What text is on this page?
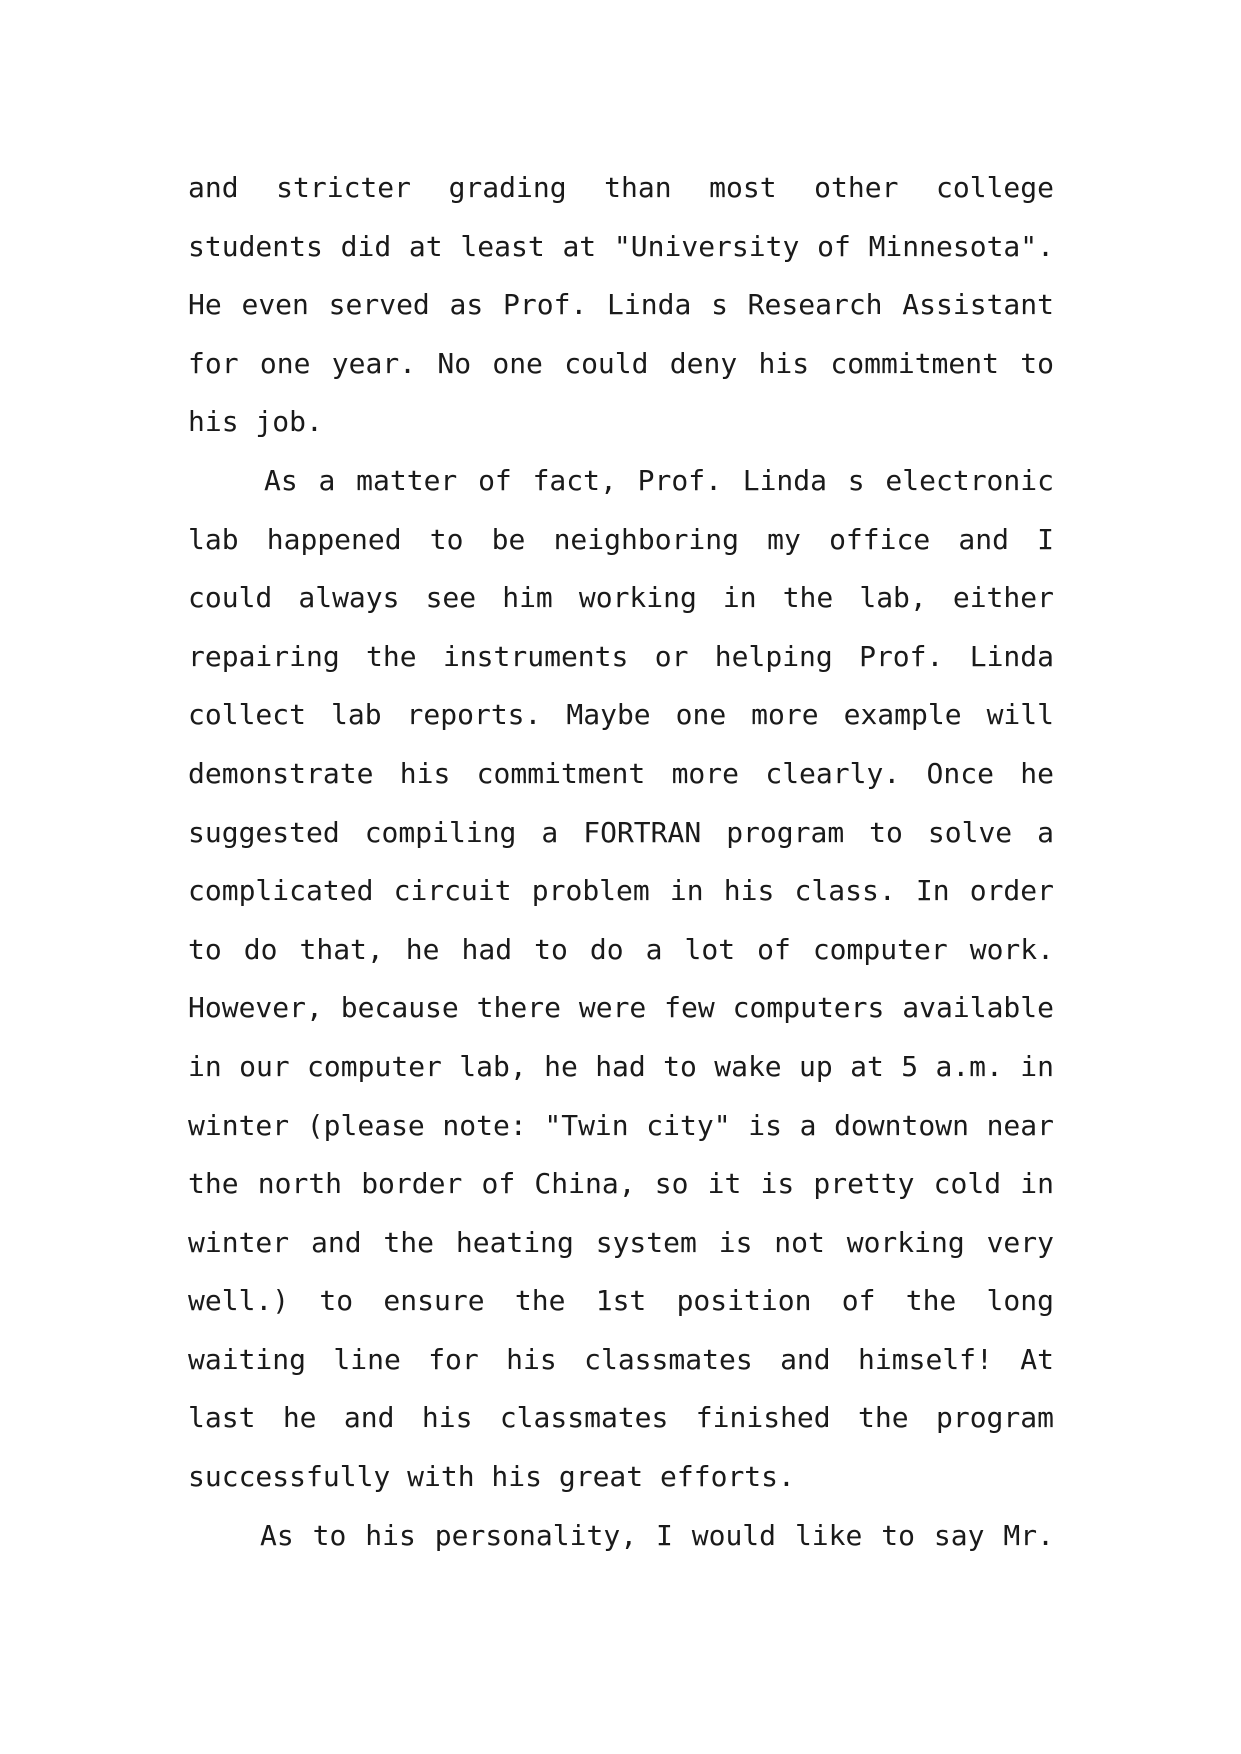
and stricter grading than most other college
students did at least at "University of Minnesota".
He even served as Prof. Linda s Research Assistant
for one year. No one could deny his commitment to
his job.
As a matter of fact, Prof. Linda s electronic
lab happened to be neighboring my office and I
could always see him working in the lab, either
repairing the instruments or helping Prof. Linda
collect lab reports. Maybe one more example will
demonstrate his commitment more clearly. Once he
suggested compiling a FORTRAN program to solve a
complicated circuit problem in his class. In order
to do that, he had to do a lot of computer work.
However, because there were few computers available
in our computer lab, he had to wake up at 5 a.m. in
winter (please note: "Twin city" is a downtown near
the north border of China, so it is pretty cold in
winter and the heating system is not working very
well.) to ensure the 1st position of the long
waiting line for his classmates and himself! At
last he and his classmates finished the program
successfully with his great efforts.
As to his personality, I would like to say Mr.
